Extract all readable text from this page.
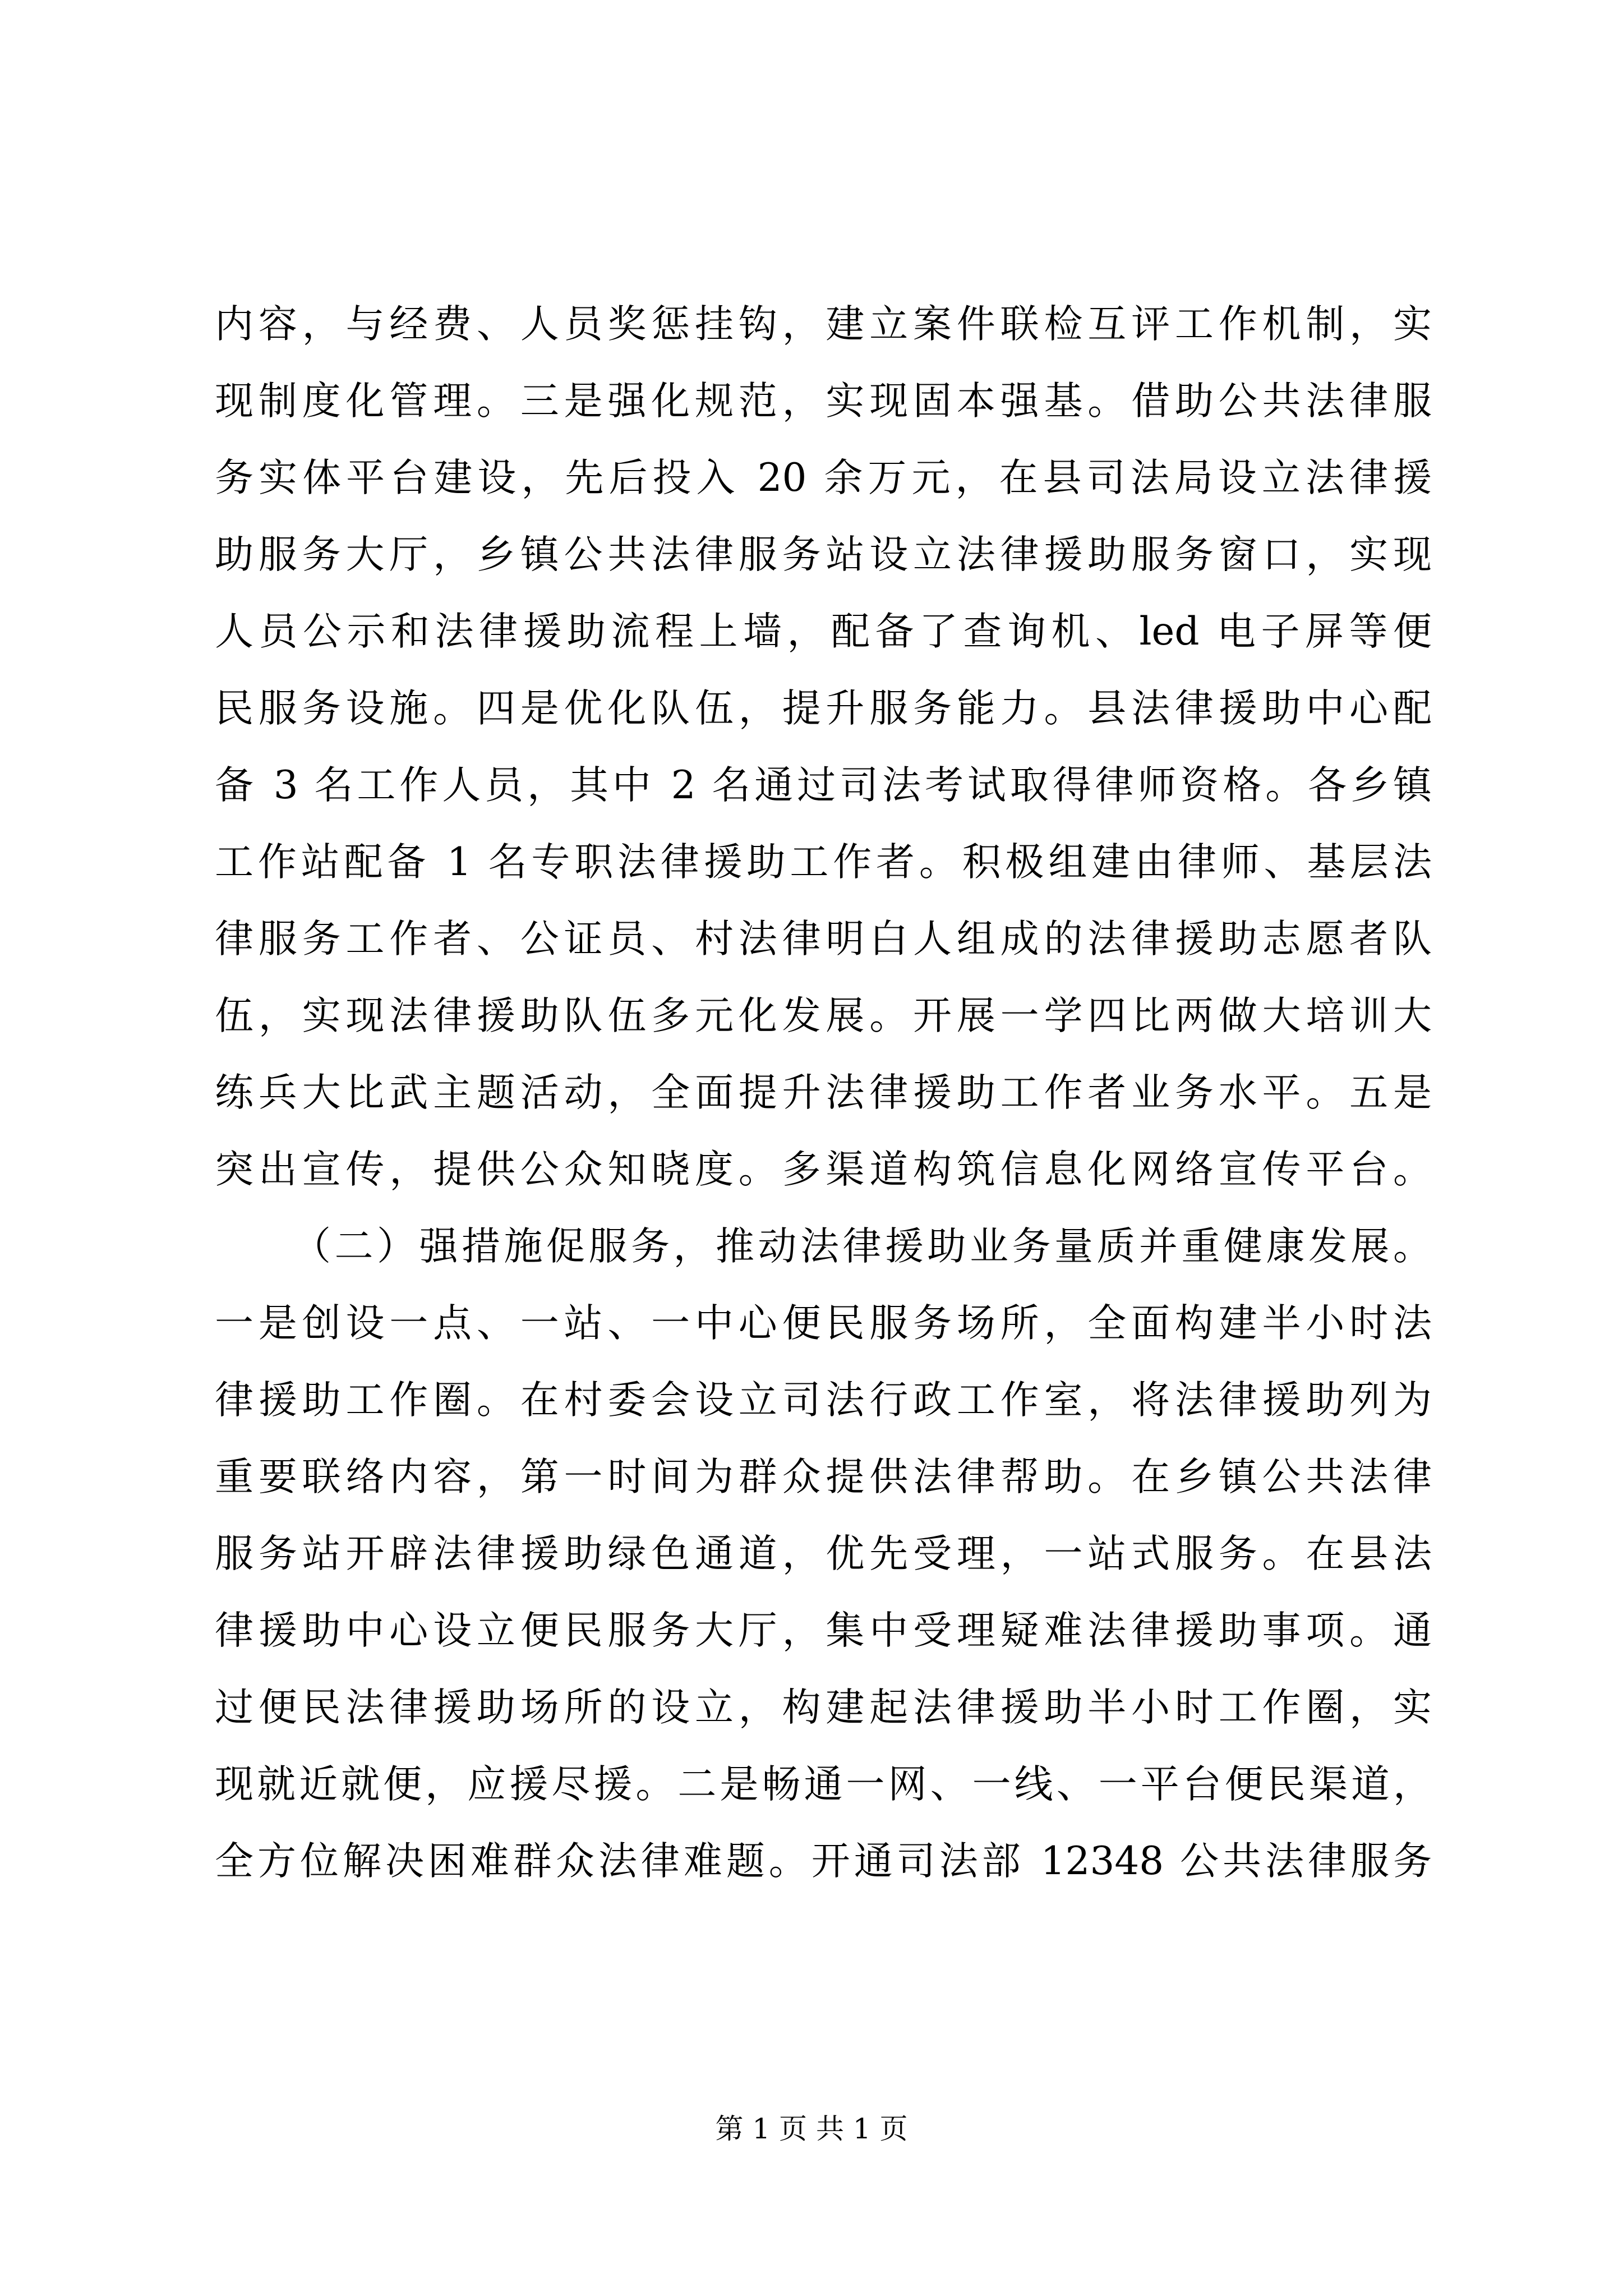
内容，与经费、人员奖惩挂钩，建立案件联检互评工作机制，实
现制度化管理。三是强化规范，实现固本强基。借助公共法律服
务实体平台建设，先后投入 20 余万元，在县司法局设立法律援
助服务大厅，乡镇公共法律服务站设立法律援助服务窗口，实现
人员公示和法律援助流程上墙，配备了查询机、led 电子屏等便
民服务设施。四是优化队伍，提升服务能力。县法律援助中心配
备 3 名工作人员，其中 2 名通过司法考试取得律师资格。各乡镇
工作站配备 1 名专职法律援助工作者。积极组建由律师、基层法
律服务工作者、公证员、村法律明白人组成的法律援助志愿者队
伍，实现法律援助队伍多元化发展。开展一学四比两做大培训大
练兵大比武主题活动，全面提升法律援助工作者业务水平。五是
突出宣传，提供公众知晓度。多渠道构筑信息化网络宣传平台。
（二）强措施促服务，推动法律援助业务量质并重健康发展。
一是创设一点、一站、一中心便民服务场所，全面构建半小时法
律援助工作圈。在村委会设立司法行政工作室，将法律援助列为
重要联络内容，第一时间为群众提供法律帮助。在乡镇公共法律
服务站开辟法律援助绿色通道，优先受理，一站式服务。在县法
律援助中心设立便民服务大厅，集中受理疑难法律援助事项。通
过便民法律援助场所的设立，构建起法律援助半小时工作圈，实
现就近就便，应援尽援。二是畅通一网、一线、一平台便民渠道，
全方位解决困难群众法律难题。开通司法部 12348 公共法律服务
第 1 页 共 1 页
